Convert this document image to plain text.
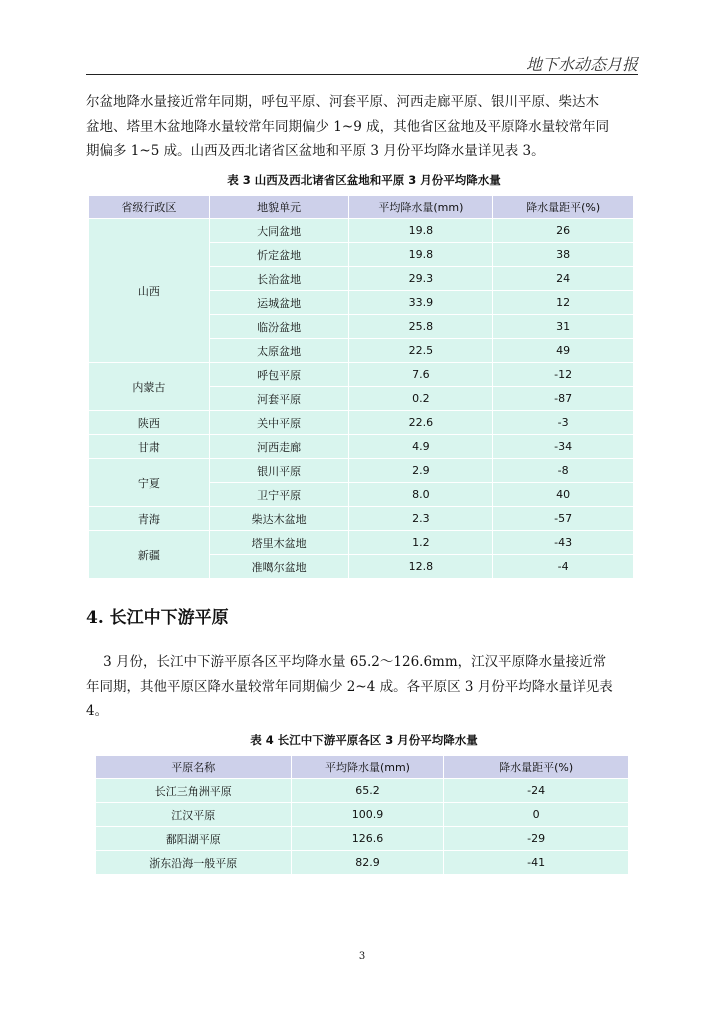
地下水动态月报

尔盆地降水量接近常年同期，呼包平原、河套平原、河西走廊平原、银川平原、柴达木
盆地、塔里木盆地降水量较常年同期偏少 1~9 成，其他省区盆地及平原降水量较常年同
期偏多 1~5 成。山西及西北诸省区盆地和平原 3 月份平均降水量详见表 3。

表 3 山西及西北诸省区盆地和平原 3 月份平均降水量
省级行政区	地貌单元	平均降水量(mm)	降水量距平(%)
山西	大同盆地	19.8	26
	忻定盆地	19.8	38
	长治盆地	29.3	24
	运城盆地	33.9	12
	临汾盆地	25.8	31
	太原盆地	22.5	49
内蒙古	呼包平原	7.6	-12
	河套平原	0.2	-87
陕西	关中平原	22.6	-3
甘肃	河西走廊	4.9	-34
宁夏	银川平原	2.9	-8
	卫宁平原	8.0	40
青海	柴达木盆地	2.3	-57
新疆	塔里木盆地	1.2	-43
	准噶尔盆地	12.8	-4
4. 长江中下游平原

3 月份，长江中下游平原各区平均降水量 65.2～126.6mm，江汉平原降水量接近常
年同期，其他平原区降水量较常年同期偏少 2~4 成。各平原区 3 月份平均降水量详见表
4。

表 4 长江中下游平原各区 3 月份平均降水量
平原名称	平均降水量(mm)	降水量距平(%)
长江三角洲平原	65.2	-24
江汉平原	100.9	0
鄱阳湖平原	126.6	-29
浙东沿海一般平原	82.9	-41
3
